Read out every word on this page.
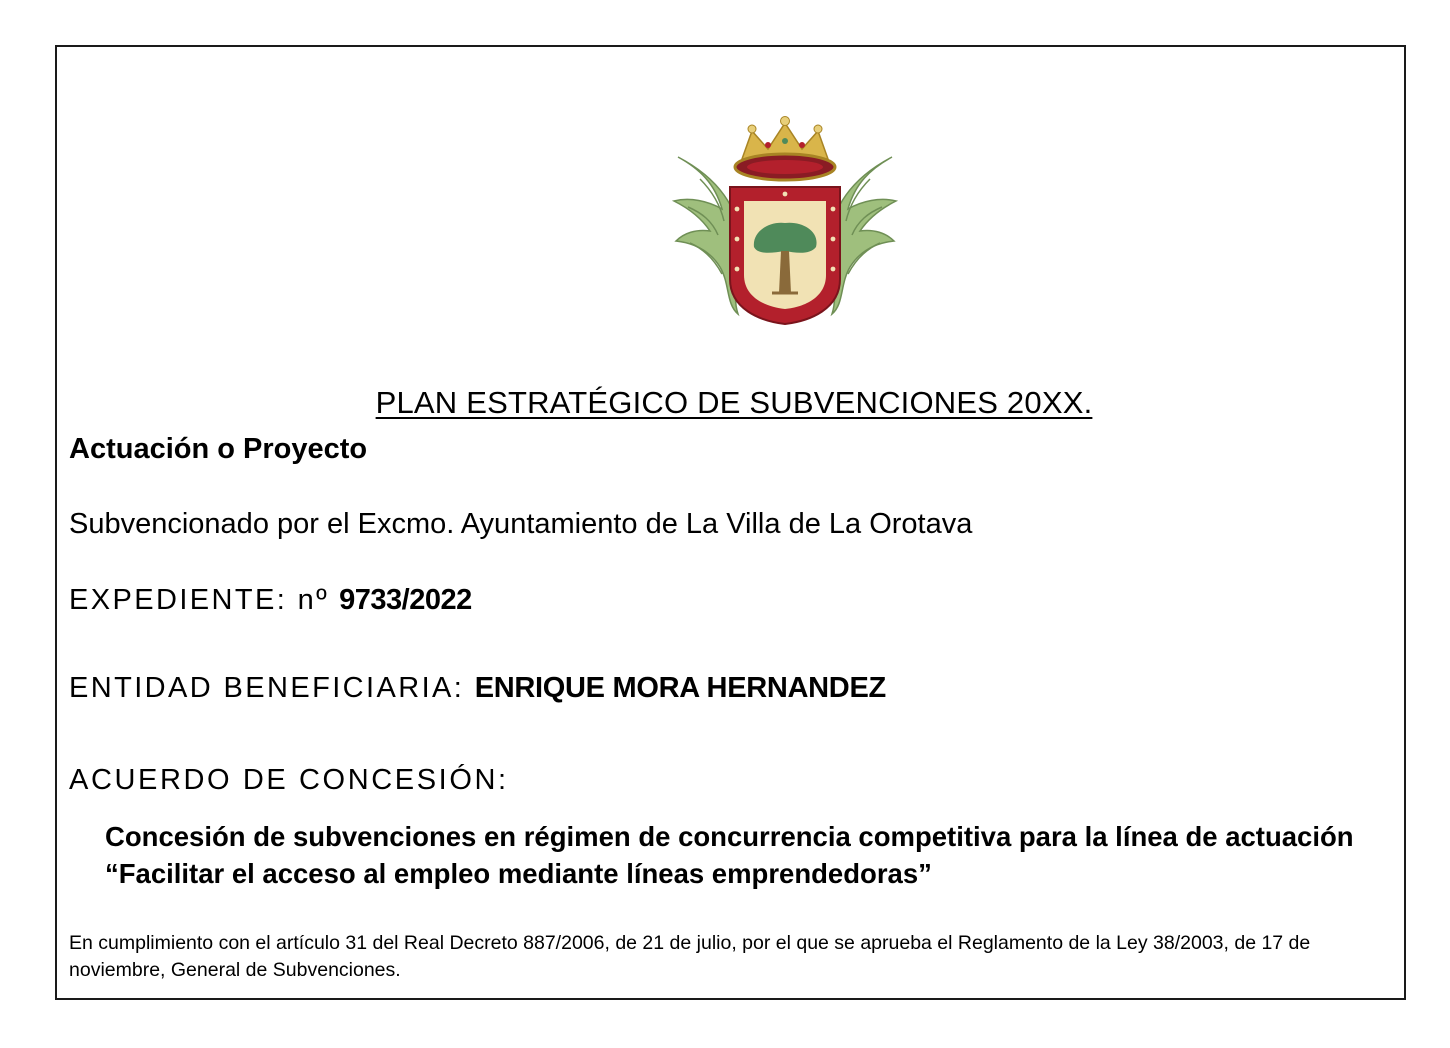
PLAN ESTRATÉGICO DE SUBVENCIONES 20XX.
Actuación o Proyecto
Subvencionado por el Excmo. Ayuntamiento de La Villa de La Orotava
EXPEDIENTE: nº 9733/2022
ENTIDAD BENEFICIARIA: ENRIQUE MORA HERNANDEZ
ACUERDO DE CONCESIÓN:
Concesión de subvenciones en régimen de concurrencia competitiva para la línea de actuación “Facilitar el acceso al empleo mediante líneas emprendedoras”
En cumplimiento con el artículo 31 del Real Decreto 887/2006, de 21 de julio, por el que se aprueba el Reglamento de la Ley 38/2003, de 17 de noviembre, General de Subvenciones.
